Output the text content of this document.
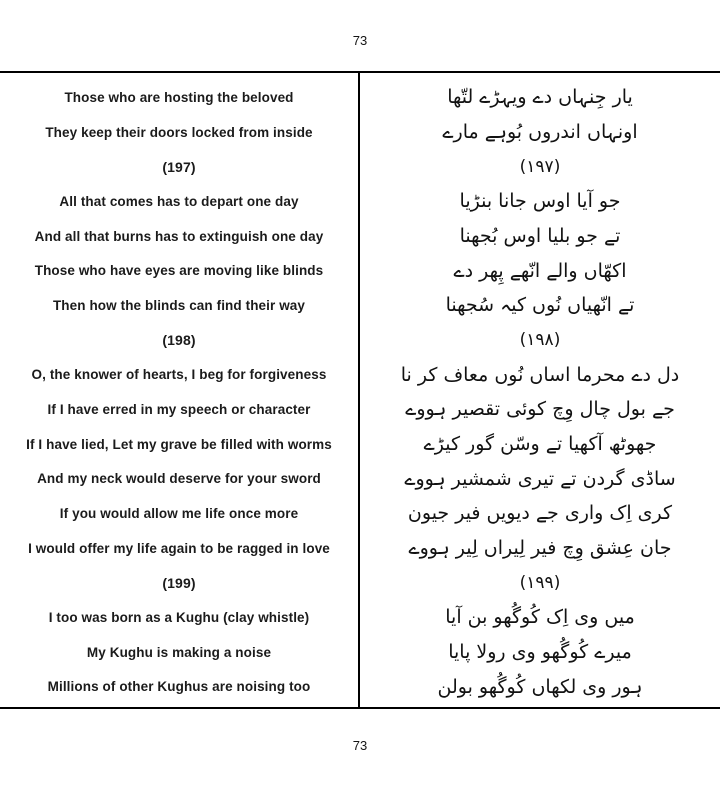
73
Those who are hosting the beloved
They keep their doors locked from inside
(197)
All that comes has to depart one day
And all that burns has to extinguish one day
Those who have eyes are moving like blinds
Then how the blinds can find their way
(198)
O, the knower of hearts, I beg for forgiveness
If I have erred in my speech or character
If I have lied, Let my grave be filled with worms
And my neck would deserve for your sword
If you would allow me life once more
I would offer my life again to be ragged in love
(199)
I too was born as a Kughu (clay whistle)
My Kughu is making a noise
Millions of other Kughus are noising too
یار جِنہاں دے ویہڑے لتّھا
اونہاں اندروں بُوہے مارے
(۱۹۷)
جو آیا اوس جانا بنڑیا
تے جو بلیا اوس بُجھنا
اکھّاں والے انّھے پِھر دے
تے انّھیاں نُوں کیہ سُجھنا
(۱۹۸)
دل دے محرما اساں نُوں معاف کر نا
جے بول چال وِچ کوئی تقصیر ہووے
جھوٹھ آکھیا تے وسّن گور کیڑے
ساڈی گردن تے تیری شمشیر ہووے
کری اِک واری جے دیویں فیر جیون
جان عِشق وِچ فیر لِیراں لِیر ہووے
(۱۹۹)
میں وی اِک کُوگُھو بن آیا
میرے کُوگُھو وی رولا پایا
ہور وی لکھاں کُوگُھو بولن
73
